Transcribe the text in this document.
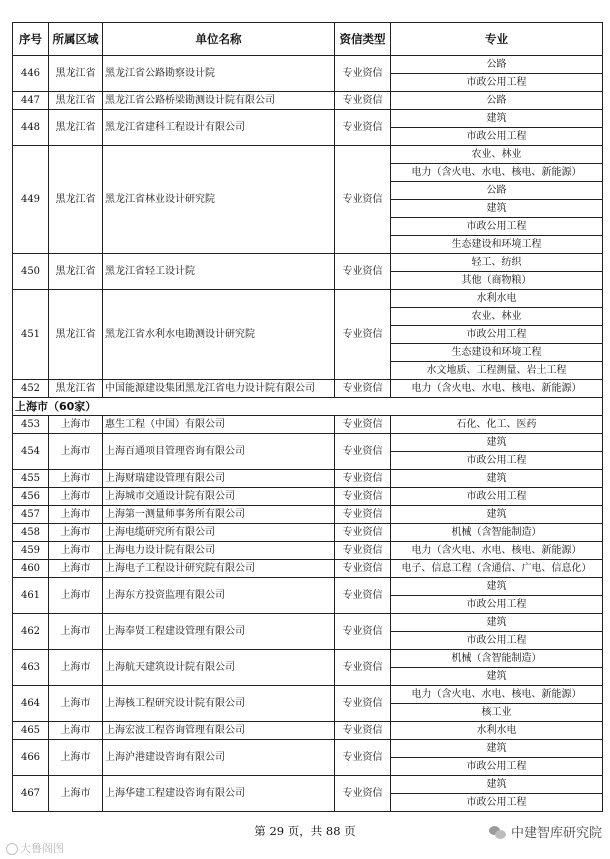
序号	所属区域	单位名称	资信类型	专业
446	黑龙江省	黑龙江省公路勘察设计院	专业资信	公路
				市政公用工程
447	黑龙江省	黑龙江省公路桥梁勘测设计院有限公司	专业资信	公路
448	黑龙江省	黑龙江省建科工程设计有限公司	专业资信	建筑
				市政公用工程
449	黑龙江省	黑龙江省林业设计研究院	专业资信	农业、林业
				电力（含火电、水电、核电、新能源）
				公路
				建筑
				市政公用工程
				生态建设和环境工程
450	黑龙江省	黑龙江省轻工设计院	专业资信	轻工、纺织
				其他（商物粮）
451	黑龙江省	黑龙江省水利水电勘测设计研究院	专业资信	水利水电
				农业、林业
				市政公用工程
				生态建设和环境工程
				水文地质、工程测量、岩土工程
452	黑龙江省	中国能源建设集团黑龙江省电力设计院有限公司	专业资信	电力（含火电、水电、核电、新能源）
上海市（60家）				
453	上海市	惠生工程（中国）有限公司	专业资信	石化、化工、医药
454	上海市	上海百通项目管理咨询有限公司	专业资信	建筑
				市政公用工程
455	上海市	上海财瑞建设管理有限公司	专业资信	建筑
456	上海市	上海城市交通设计院有限公司	专业资信	市政公用工程
457	上海市	上海第一测量师事务所有限公司	专业资信	建筑
458	上海市	上海电缆研究所有限公司	专业资信	机械（含智能制造）
459	上海市	上海电力设计院有限公司	专业资信	电力（含火电、水电、核电、新能源）
460	上海市	上海电子工程设计研究院有限公司	专业资信	电子、信息工程（含通信、广电、信息化）
461	上海市	上海东方投资监理有限公司	专业资信	建筑
				市政公用工程
462	上海市	上海奉贤工程建设管理有限公司	专业资信	建筑
				市政公用工程
463	上海市	上海航天建筑设计院有限公司	专业资信	机械（含智能制造）
				建筑
464	上海市	上海核工程研究设计院有限公司	专业资信	电力（含火电、水电、核电、新能源）
				核工业
465	上海市	上海宏波工程咨询管理有限公司	专业资信	水利水电
466	上海市	上海沪港建设咨询有限公司	专业资信	建筑
				市政公用工程
467	上海市	上海华建工程建设咨询有限公司	专业资信	建筑
				市政公用工程
第 29 页，共 88 页
大鲁阁图
中建智库研究院
